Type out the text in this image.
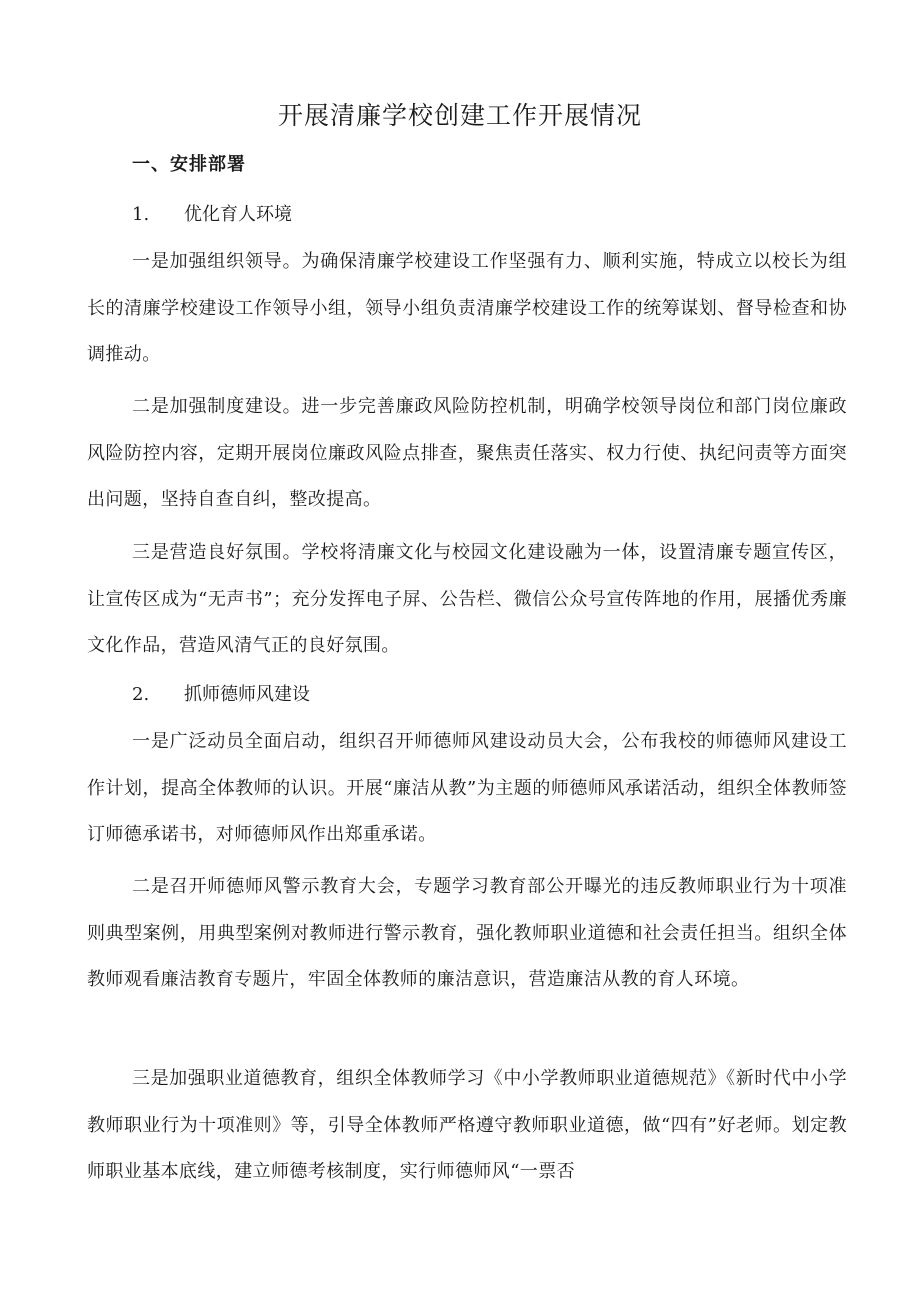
开展清廉学校创建工作开展情况
一、安排部署
1. 优化育人环境

一是加强组织领导。为确保清廉学校建设工作坚强有力、顺利实施，特成立以校长为组长的清廉学校建设工作领导小组，领导小组负责清廉学校建设工作的统筹谋划、督导检查和协调推动。

二是加强制度建设。进一步完善廉政风险防控机制，明确学校领导岗位和部门岗位廉政风险防控内容，定期开展岗位廉政风险点排查，聚焦责任落实、权力行使、执纪问责等方面突出问题，坚持自查自纠，整改提高。

三是营造良好氛围。学校将清廉文化与校园文化建设融为一体，设置清廉专题宣传区，让宣传区成为“无声书”；充分发挥电子屏、公告栏、微信公众号宣传阵地的作用，展播优秀廉文化作品，营造风清气正的良好氛围。

2. 抓师德师风建设

一是广泛动员全面启动，组织召开师德师风建设动员大会，公布我校的师德师风建设工作计划，提高全体教师的认识。开展“廉洁从教”为主题的师德师风承诺活动，组织全体教师签订师德承诺书，对师德师风作出郑重承诺。

二是召开师德师风警示教育大会，专题学习教育部公开曝光的违反教师职业行为十项准则典型案例，用典型案例对教师进行警示教育，强化教师职业道德和社会责任担当。组织全体教师观看廉洁教育专题片，牢固全体教师的廉洁意识，营造廉洁从教的育人环境。

三是加强职业道德教育，组织全体教师学习《中小学教师职业道德规范》《新时代中小学教师职业行为十项准则》等，引导全体教师严格遵守教师职业道德，做“四有”好老师。划定教师职业基本底线，建立师德考核制度，实行师德师风“一票否
